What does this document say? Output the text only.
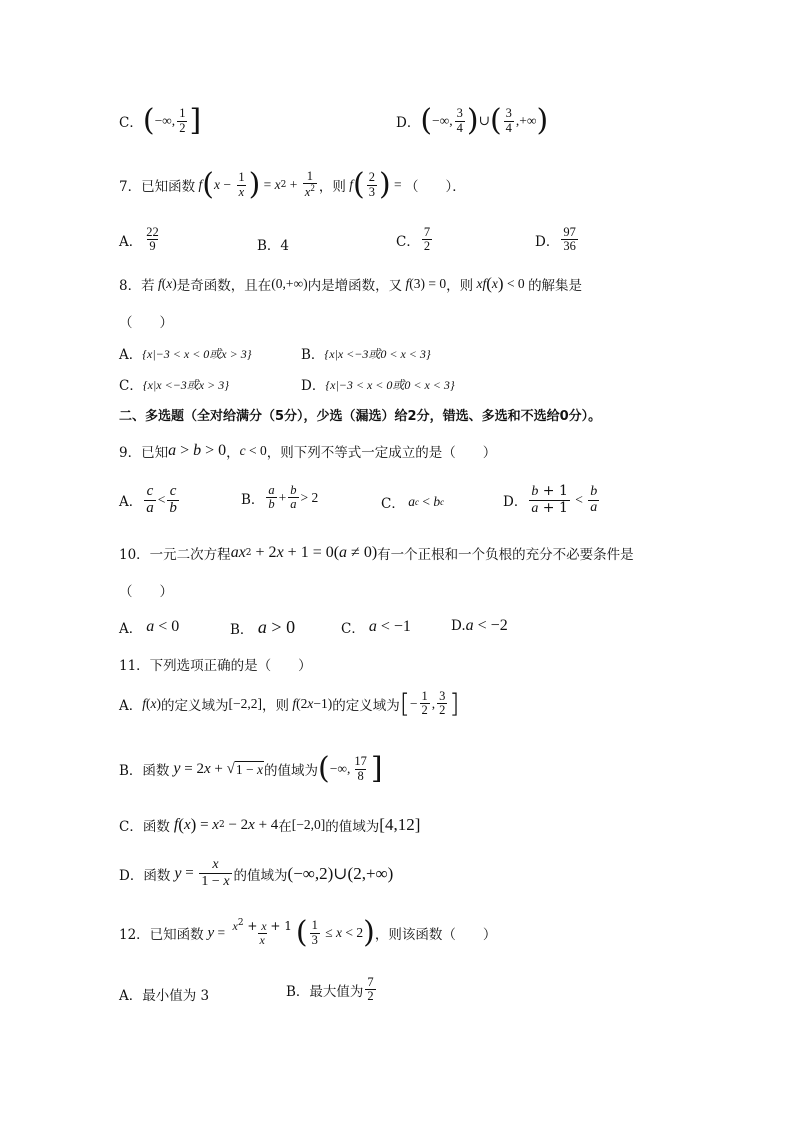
C． ( −∞, $\frac{1}{2}$ ]	D． ( −∞, $\frac{3}{4}$ ) ∪ ( $\frac{3}{4}$ ,+∞ )
7．已知函数 f ( $x - \frac{1}{x}$ ) = x $2 + \frac{1}{x^2}$ ，则 f ( $\frac{2}{3}$ ) = （　　）．
A． $\frac{22}{9}$	B．4	C． $\frac{7}{2}$	D． $\frac{97}{36}$
8．若 f ( x ) 是奇函数，且在 (0,+∞) 内是增函数，又 f (3) = 0 ，则 xf ( x ) < 0 的解集是
（　　）
A． {x|−3 < x < 0或x > 3}	B． {x|x <−3或0 < x < 3}
C． {x|x <−3或x > 3}	D． {x|−3 < x < 0或0 < x < 3}
二、多选题（全对给满分（5分），少选（漏选）给2分，错选、多选和不选给0分）。
9．已知 a > b > 0 ， c < 0 ，则下列不等式一定成立的是（　　）
A． $\frac{c}{a} < \frac{c}{b}$	B． $\frac{a}{b} + \frac{b}{a} > 2$	C． a c < b c	D． $\frac{b + 1}{a + 1} < \frac{b}{a}$
10．一元二次方程 ax 2 + 2 x + 1 = 0( a ≠ 0) 有一个正根和一个负根的充分不必要条件是
（　　）
A． a < 0	B． a > 0	C． a < −1	D. a < −2
11．下列选项正确的是（　　）
A． f ( x ) 的定义域为 [−2,2] ，则 f (2 x −1) 的定义域为 [ − $\frac{1}{2}$ , $\frac{3}{2}$ ]
B．函数 y = 2 x + √ 1 − x 的值域为 ( −∞, $\frac{17}{8}$ ]
C．函数 f ( x ) = x 2 − 2 x + 4 在 [−2,0] 的值域为 [4,12]
D．函数 $y = \frac{x}{1 - x}$ 的值域为 (−∞,2)∪(2,+∞)
12．已知函数 $y = \frac{x^2 + x + 1}{x}$ ( $\frac{1}{3} \le x < 2$ ) ，则该函数（　　）
A．最小值为 3	B．最大值为 $\frac{7}{2}$
